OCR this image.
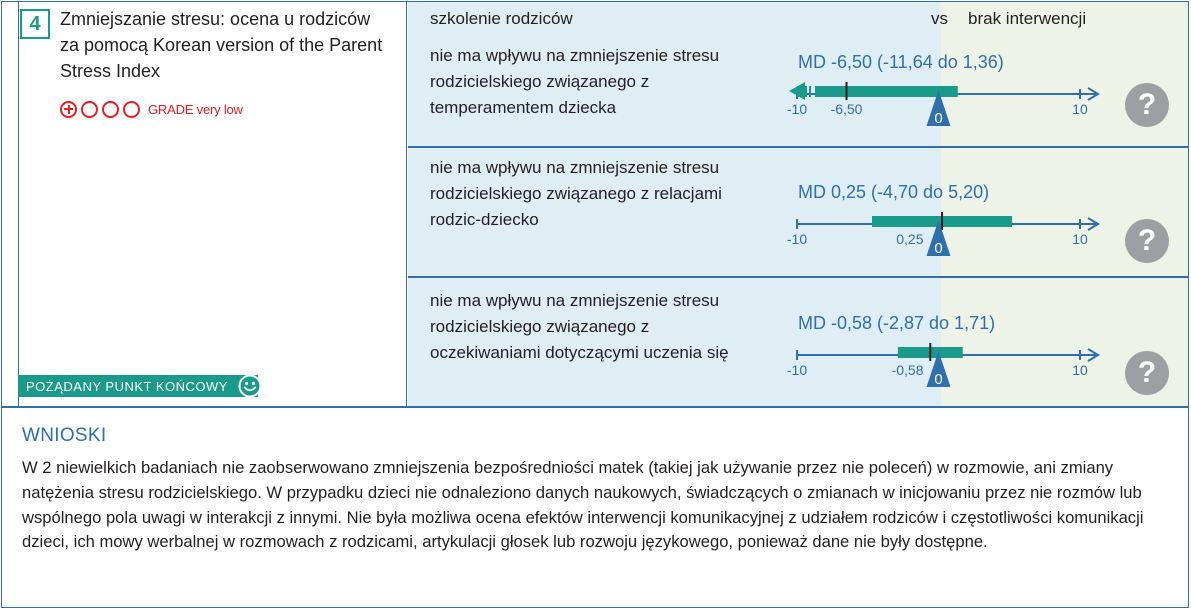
4	Zmniejszanie stresu: ocena u rodziców za pomocą Korean version of the Parent Stress Index
GRADE very low
POŻĄDANY PUNKT KOŃCOWY
szkolenie rodziców	vs brak interwencji
nie ma wpływu na zmniejszenie stresu rodzicielskiego związanego z temperamentem dziecka
MD -6,50 (-11,64 do 1,36)
?
nie ma wpływu na zmniejszenie stresu rodzicielskiego związanego z relacjami rodzic-dziecko
MD 0,25 (-4,70 do 5,20)
?
nie ma wpływu na zmniejszenie stresu rodzicielskiego związanego z oczekiwaniami dotyczącymi uczenia się
MD -0,58 (-2,87 do 1,71)
?
-10	10
0
-6,50
-10	10
0
0,25
-10	10
0
-0,58
WNIOSKI
W 2 niewielkich badaniach nie zaobserwowano zmniejszenia bezpośredniości matek (takiej jak używanie przez nie poleceń) w rozmowie, ani zmiany natężenia stresu rodzicielskiego. W przypadku dzieci nie odnaleziono danych naukowych, świadczących o zmianach w inicjowaniu przez nie rozmów lub wspólnego pola uwagi w interakcji z innymi. Nie była możliwa ocena efektów interwencji komunikacyjnej z udziałem rodziców i częstotliwości komunikacji dzieci, ich mowy werbalnej w rozmowach z rodzicami, artykulacji głosek lub rozwoju językowego, ponieważ dane nie były dostępne.
